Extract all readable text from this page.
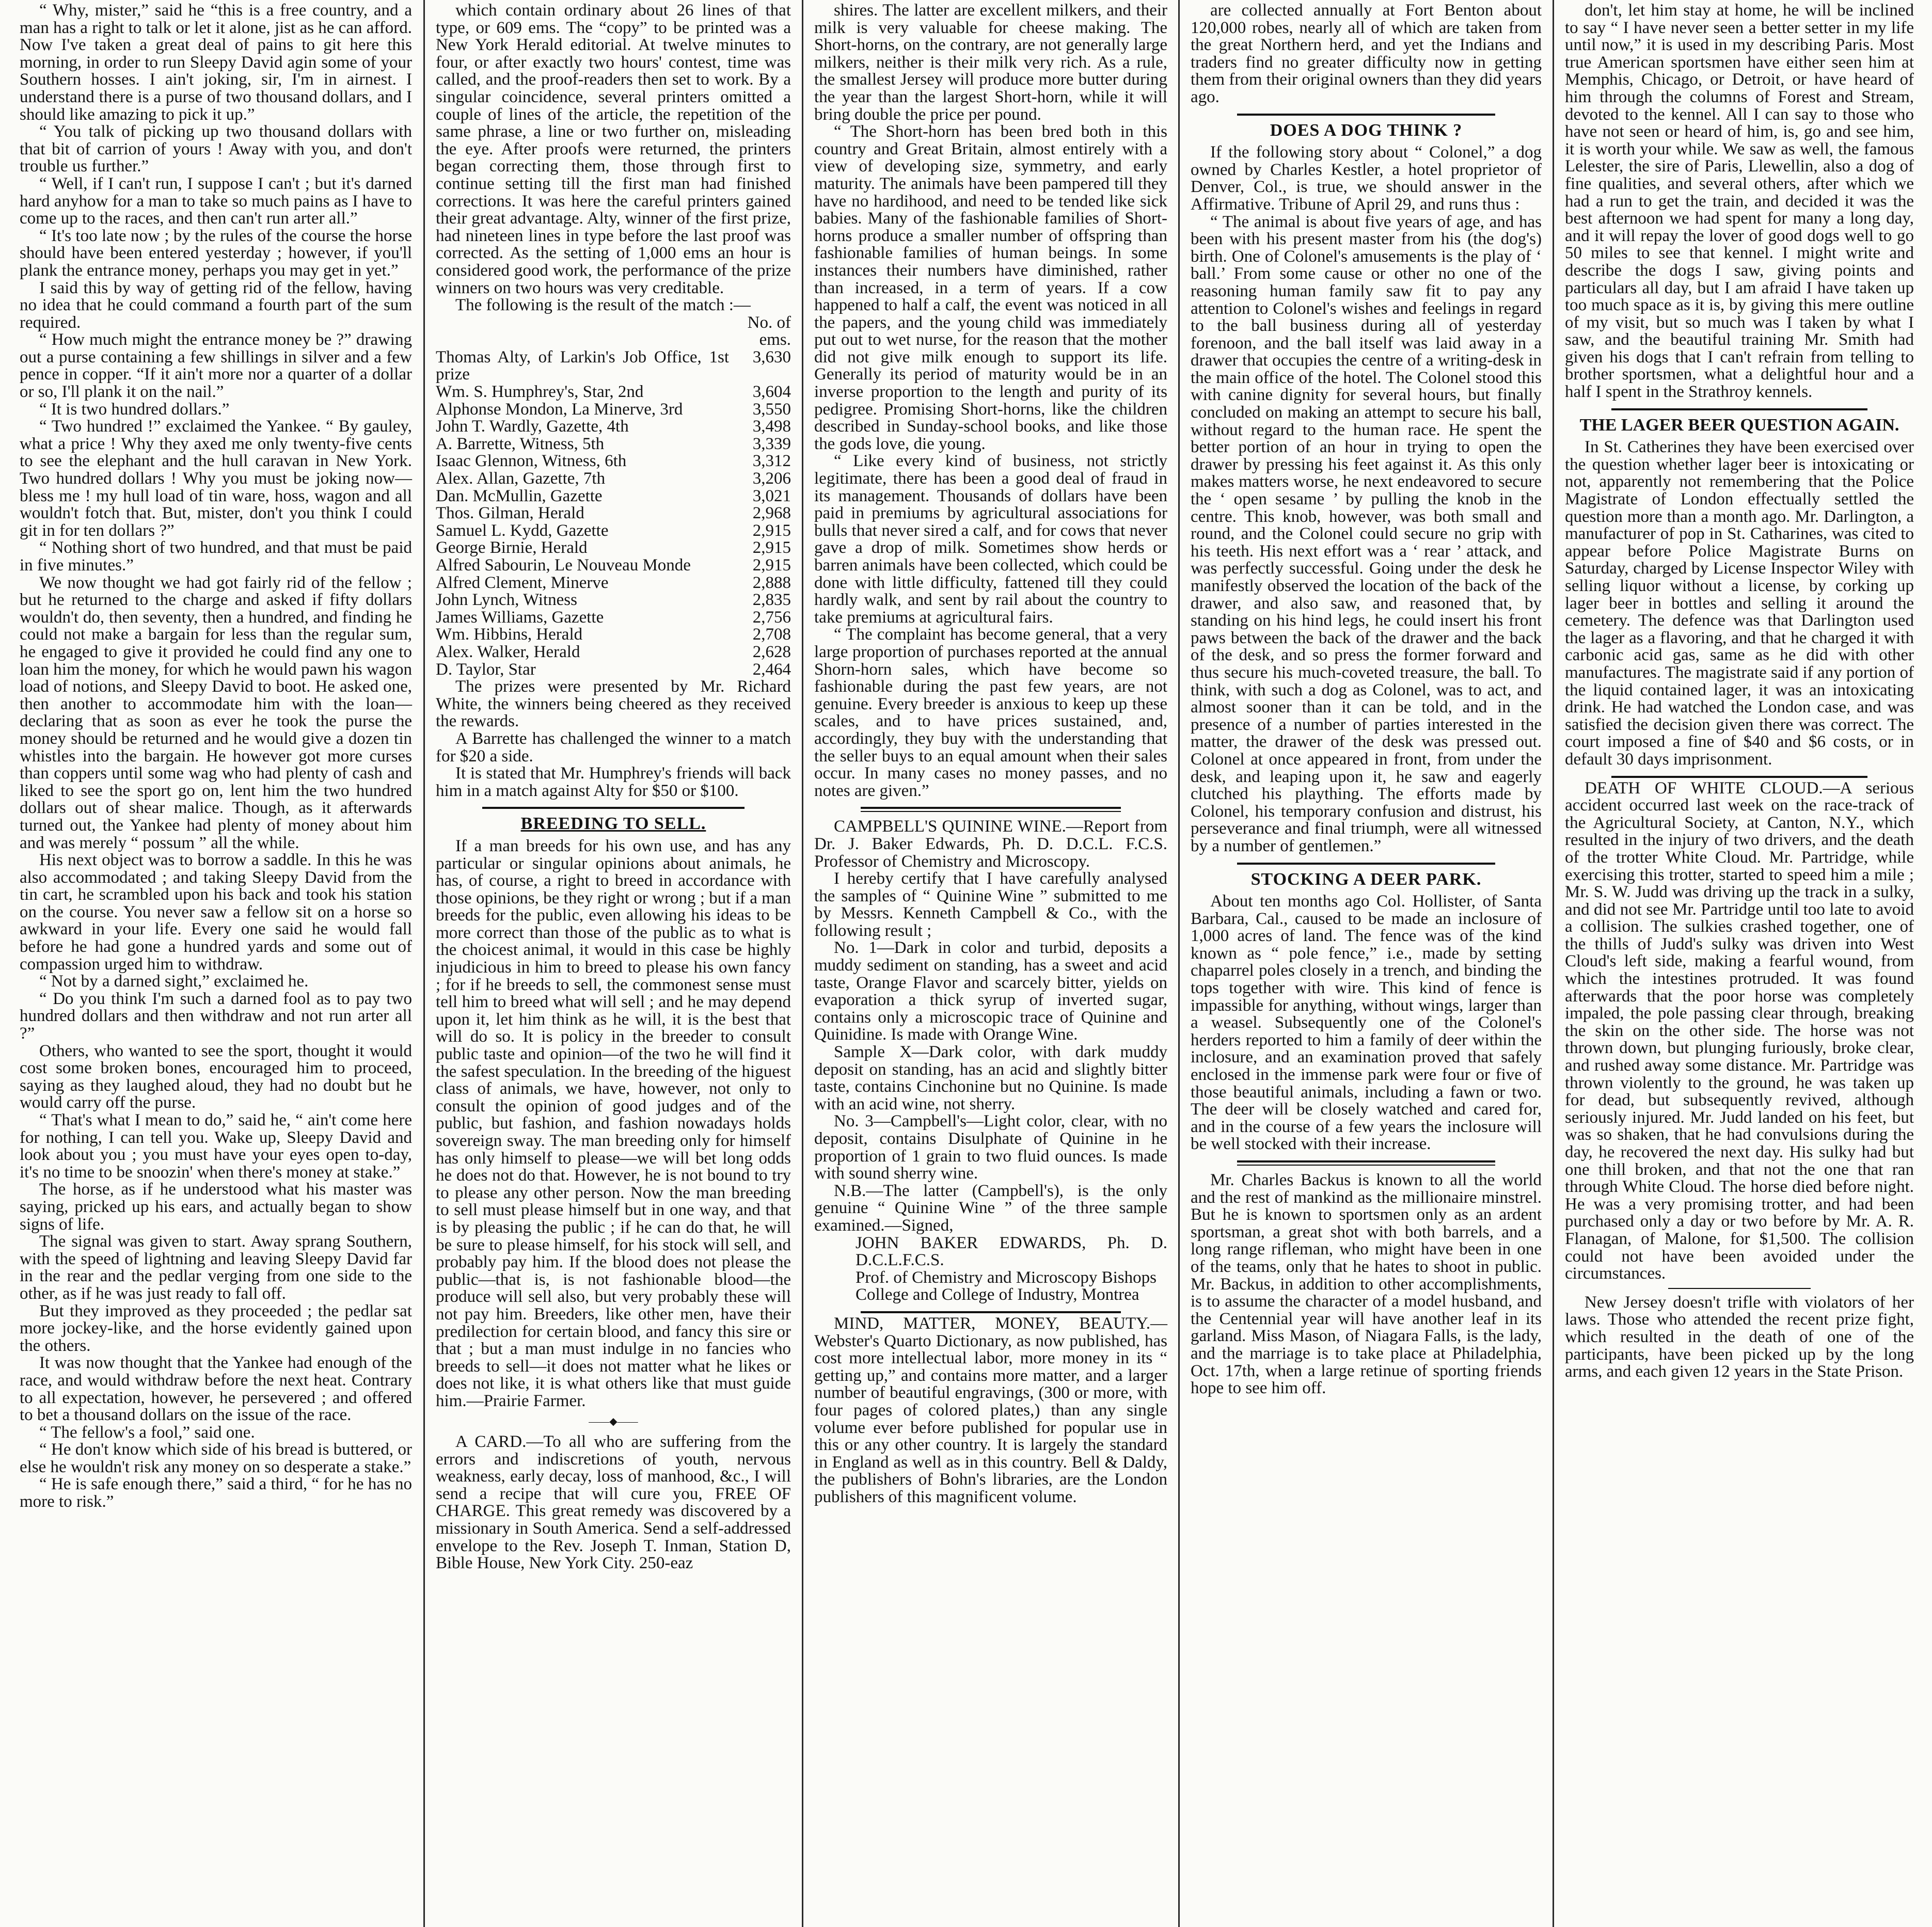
“ Why, mister,” said he “this is a free country, and a man has a right to talk or let it alone, jist as he can afford. Now I've taken a great deal of pains to git here this morning, in order to run Sleepy David agin some of your Southern hosses. I ain't joking, sir, I'm in airnest. I understand there is a purse of two thousand dollars, and I should like amazing to pick it up.”

“ You talk of picking up two thousand dollars with that bit of carrion of yours ! Away with you, and don't trouble us further.”

“ Well, if I can't run, I suppose I can't ; but it's darned hard anyhow for a man to take so much pains as I have to come up to the races, and then can't run arter all.”

“ It's too late now ; by the rules of the course the horse should have been entered yesterday ; however, if you'll plank the entrance money, perhaps you may get in yet.”

I said this by way of getting rid of the fellow, having no idea that he could command a fourth part of the sum required.

“ How much might the entrance money be ?” drawing out a purse containing a few shillings in silver and a few pence in copper. “If it ain't more nor a quarter of a dollar or so, I'll plank it on the nail.”

“ It is two hundred dollars.”

“ Two hundred !” exclaimed the Yankee. “ By gauley, what a price ! Why they axed me only twenty-five cents to see the elephant and the hull caravan in New York. Two hundred dollars ! Why you must be joking now—bless me ! my hull load of tin ware, hoss, wagon and all wouldn't fotch that. But, mister, don't you think I could git in for ten dollars ?”

“ Nothing short of two hundred, and that must be paid in five minutes.”

We now thought we had got fairly rid of the fellow ; but he returned to the charge and asked if fifty dollars wouldn't do, then seventy, then a hundred, and finding he could not make a bargain for less than the regular sum, he engaged to give it provided he could find any one to loan him the money, for which he would pawn his wagon load of notions, and Sleepy David to boot. He asked one, then another to accommodate him with the loan—declaring that as soon as ever he took the purse the money should be returned and he would give a dozen tin whistles into the bargain. He however got more curses than coppers until some wag who had plenty of cash and liked to see the sport go on, lent him the two hundred dollars out of shear malice. Though, as it afterwards turned out, the Yankee had plenty of money about him and was merely “ possum ” all the while.

His next object was to borrow a saddle. In this he was also accommodated ; and taking Sleepy David from the tin cart, he scrambled upon his back and took his station on the course. You never saw a fellow sit on a horse so awkward in your life. Every one said he would fall before he had gone a hundred yards and some out of compassion urged him to withdraw.

“ Not by a darned sight,” exclaimed he.

“ Do you think I'm such a darned fool as to pay two hundred dollars and then withdraw and not run arter all ?”

Others, who wanted to see the sport, thought it would cost some broken bones, encouraged him to proceed, saying as they laughed aloud, they had no doubt but he would carry off the purse.

“ That's what I mean to do,” said he, “ ain't come here for nothing, I can tell you. Wake up, Sleepy David and look about you ; you must have your eyes open to-day, it's no time to be snoozin' when there's money at stake.”

The horse, as if he understood what his master was saying, pricked up his ears, and actually began to show signs of life.

The signal was given to start. Away sprang Southern, with the speed of lightning and leaving Sleepy David far in the rear and the pedlar verging from one side to the other, as if he was just ready to fall off.

But they improved as they proceeded ; the pedlar sat more jockey-like, and the horse evidently gained upon the others.

It was now thought that the Yankee had enough of the race, and would withdraw before the next heat. Contrary to all expectation, however, he persevered ; and offered to bet a thousand dollars on the issue of the race.

“ The fellow's a fool,” said one.

“ He don't know which side of his bread is buttered, or else he wouldn't risk any money on so desperate a stake.”

“ He is safe enough there,” said a third, “ for he has no more to risk.”

which contain ordinary about 26 lines of that type, or 609 ems. The “copy” to be printed was a New York Herald editorial. At twelve minutes to four, or after exactly two hours' contest, time was called, and the proof-readers then set to work. By a singular coincidence, several printers omitted a couple of lines of the article, the repetition of the same phrase, a line or two further on, misleading the eye. After proofs were returned, the printers began correcting them, those through first to continue setting till the first man had finished corrections. It was here the careful printers gained their great advantage. Alty, winner of the first prize, had nineteen lines in type before the last proof was corrected. As the setting of 1,000 ems an hour is considered good work, the performance of the prize winners on two hours was very creditable.

The following is the result of the match :—

	No. of ems.
Thomas Alty, of Larkin's Job Office, 1st prize	3,630
Wm. S. Humphrey's, Star, 2nd	3,604
Alphonse Mondon, La Minerve, 3rd	3,550
John T. Wardly, Gazette, 4th	3,498
A. Barrette, Witness, 5th	3,339
Isaac Glennon, Witness, 6th	3,312
Alex. Allan, Gazette, 7th	3,206
Dan. McMullin, Gazette	3,021
Thos. Gilman, Herald	2,968
Samuel L. Kydd, Gazette	2,915
George Birnie, Herald	2,915
Alfred Sabourin, Le Nouveau Monde	2,915
Alfred Clement, Minerve	2,888
John Lynch, Witness	2,835
James Williams, Gazette	2,756
Wm. Hibbins, Herald	2,708
Alex. Walker, Herald	2,628
D. Taylor, Star	2,464

The prizes were presented by Mr. Richard White, the winners being cheered as they received the rewards.

A Barrette has challenged the winner to a match for $20 a side.

It is stated that Mr. Humphrey's friends will back him in a match against Alty for $50 or $100.

BREEDING TO SELL.

If a man breeds for his own use, and has any particular or singular opinions about animals, he has, of course, a right to breed in accordance with those opinions, be they right or wrong ; but if a man breeds for the public, even allowing his ideas to be more correct than those of the public as to what is the choicest animal, it would in this case be highly injudicious in him to breed to please his own fancy ; for if he breeds to sell, the commonest sense must tell him to breed what will sell ; and he may depend upon it, let him think as he will, it is the best that will do so. It is policy in the breeder to consult public taste and opinion—of the two he will find it the safest speculation. In the breeding of the higuest class of animals, we have, however, not only to consult the opinion of good judges and of the public, but fashion, and fashion nowadays holds sovereign sway. The man breeding only for himself has only himself to please—we will bet long odds he does not do that. However, he is not bound to try to please any other person. Now the man breeding to sell must please himself but in one way, and that is by pleasing the public ; if he can do that, he will be sure to please himself, for his stock will sell, and probably pay him. If the blood does not please the public—that is, is not fashionable blood—the produce will sell also, but very probably these will not pay him. Breeders, like other men, have their predilection for certain blood, and fancy this sire or that ; but a man must indulge in no fancies who breeds to sell—it does not matter what he likes or does not like, it is what others like that must guide him.—Prairie Farmer.

——◆——

A CARD.—To all who are suffering from the errors and indiscretions of youth, nervous weakness, early decay, loss of manhood, &c., I will send a recipe that will cure you, FREE OF CHARGE. This great remedy was discovered by a missionary in South America. Send a self-addressed envelope to the Rev. Joseph T. Inman, Station D, Bible House, New York City. 250-eaz

shires. The latter are excellent milkers, and their milk is very valuable for cheese making. The Short-horns, on the contrary, are not generally large milkers, neither is their milk very rich. As a rule, the smallest Jersey will produce more butter during the year than the largest Short-horn, while it will bring double the price per pound.

“ The Short-horn has been bred both in this country and Great Britain, almost entirely with a view of developing size, symmetry, and early maturity. The animals have been pampered till they have no hardihood, and need to be tended like sick babies. Many of the fashionable families of Short-horns produce a smaller number of offspring than fashionable families of human beings. In some instances their numbers have diminished, rather than increased, in a term of years. If a cow happened to half a calf, the event was noticed in all the papers, and the young child was immediately put out to wet nurse, for the reason that the mother did not give milk enough to support its life. Generally its period of maturity would be in an inverse proportion to the length and purity of its pedigree. Promising Short-horns, like the children described in Sunday-school books, and like those the gods love, die young.

“ Like every kind of business, not strictly legitimate, there has been a good deal of fraud in its management. Thousands of dollars have been paid in premiums by agricultural associations for bulls that never sired a calf, and for cows that never gave a drop of milk. Sometimes show herds or barren animals have been collected, which could be done with little difficulty, fattened till they could hardly walk, and sent by rail about the country to take premiums at agricultural fairs.

“ The complaint has become general, that a very large proportion of purchases reported at the annual Shorn-horn sales, which have become so fashionable during the past few years, are not genuine. Every breeder is anxious to keep up these scales, and to have prices sustained, and, accordingly, they buy with the understanding that the seller buys to an equal amount when their sales occur. In many cases no money passes, and no notes are given.”

CAMPBELL'S QUININE WINE.—Report from Dr. J. Baker Edwards, Ph. D. D.C.L. F.C.S. Professor of Chemistry and Microscopy.

I hereby certify that I have carefully analysed the samples of “ Quinine Wine ” submitted to me by Messrs. Kenneth Campbell & Co., with the following result ;

No. 1—Dark in color and turbid, deposits a muddy sediment on standing, has a sweet and acid taste, Orange Flavor and scarcely bitter, yields on evaporation a thick syrup of inverted sugar, contains only a microscopic trace of Quinine and Quinidine. Is made with Orange Wine.

Sample X—Dark color, with dark muddy deposit on standing, has an acid and slightly bitter taste, contains Cinchonine but no Quinine. Is made with an acid wine, not sherry.

No. 3—Campbell's—Light color, clear, with no deposit, contains Disulphate of Quinine in he proportion of 1 grain to two fluid ounces. Is made with sound sherry wine.

N.B.—The latter (Campbell's), is the only genuine “ Quinine Wine ” of the three sample examined.—Signed,

JOHN BAKER EDWARDS, Ph. D. D.C.L.F.C.S.

Prof. of Chemistry and Microscopy Bishops

College and College of Industry, Montrea

MIND, MATTER, MONEY, BEAUTY.—Webster's Quarto Dictionary, as now published, has cost more intellectual labor, more money in its “ getting up,” and contains more matter, and a larger number of beautiful engravings, (300 or more, with four pages of colored plates,) than any single volume ever before published for popular use in this or any other country. It is largely the standard in England as well as in this country. Bell & Daldy, the publishers of Bohn's libraries, are the London publishers of this magnificent volume.

are collected annually at Fort Benton about 120,000 robes, nearly all of which are taken from the great Northern herd, and yet the Indians and traders find no greater difficulty now in getting them from their original owners than they did years ago.

DOES A DOG THINK ?

If the following story about “ Colonel,” a dog owned by Charles Kestler, a hotel proprietor of Denver, Col., is true, we should answer in the Affirmative. Tribune of April 29, and runs thus :

“ The animal is about five years of age, and has been with his present master from his (the dog's) birth. One of Colonel's amusements is the play of ‘ ball.’ From some cause or other no one of the reasoning human family saw fit to pay any attention to Colonel's wishes and feelings in regard to the ball business during all of yesterday forenoon, and the ball itself was laid away in a drawer that occupies the centre of a writing-desk in the main office of the hotel. The Colonel stood this with canine dignity for several hours, but finally concluded on making an attempt to secure his ball, without regard to the human race. He spent the better portion of an hour in trying to open the drawer by pressing his feet against it. As this only makes matters worse, he next endeavored to secure the ‘ open sesame ’ by pulling the knob in the centre. This knob, however, was both small and round, and the Colonel could secure no grip with his teeth. His next effort was a ‘ rear ’ attack, and was perfectly successful. Going under the desk he manifestly observed the location of the back of the drawer, and also saw, and reasoned that, by standing on his hind legs, he could insert his front paws between the back of the drawer and the back of the desk, and so press the former forward and thus secure his much-coveted treasure, the ball. To think, with such a dog as Colonel, was to act, and almost sooner than it can be told, and in the presence of a number of parties interested in the matter, the drawer of the desk was pressed out. Colonel at once appeared in front, from under the desk, and leaping upon it, he saw and eagerly clutched his plaything. The efforts made by Colonel, his temporary confusion and distrust, his perseverance and final triumph, were all witnessed by a number of gentlemen.”

STOCKING A DEER PARK.

About ten months ago Col. Hollister, of Santa Barbara, Cal., caused to be made an inclosure of 1,000 acres of land. The fence was of the kind known as “ pole fence,” i.e., made by setting chaparrel poles closely in a trench, and binding the tops together with wire. This kind of fence is impassible for anything, without wings, larger than a weasel. Subsequently one of the Colonel's herders reported to him a family of deer within the inclosure, and an examination proved that safely enclosed in the immense park were four or five of those beautiful animals, including a fawn or two. The deer will be closely watched and cared for, and in the course of a few years the inclosure will be well stocked with their increase.

Mr. Charles Backus is known to all the world and the rest of mankind as the millionaire minstrel. But he is known to sportsmen only as an ardent sportsman, a great shot with both barrels, and a long range rifleman, who might have been in one of the teams, only that he hates to shoot in public. Mr. Backus, in addition to other accomplishments, is to assume the character of a model husband, and the Centennial year will have another leaf in its garland. Miss Mason, of Niagara Falls, is the lady, and the marriage is to take place at Philadelphia, Oct. 17th, when a large retinue of sporting friends hope to see him off.

don't, let him stay at home, he will be inclined to say “ I have never seen a better setter in my life until now,” it is used in my describing Paris. Most true American sportsmen have either seen him at Memphis, Chicago, or Detroit, or have heard of him through the columns of Forest and Stream, devoted to the kennel. All I can say to those who have not seen or heard of him, is, go and see him, it is worth your while. We saw as well, the famous Lelester, the sire of Paris, Llewellin, also a dog of fine qualities, and several others, after which we had a run to get the train, and decided it was the best afternoon we had spent for many a long day, and it will repay the lover of good dogs well to go 50 miles to see that kennel. I might write and describe the dogs I saw, giving points and particulars all day, but I am afraid I have taken up too much space as it is, by giving this mere outline of my visit, but so much was I taken by what I saw, and the beautiful training Mr. Smith had given his dogs that I can't refrain from telling to brother sportsmen, what a delightful hour and a half I spent in the Strathroy kennels.

THE LAGER BEER QUESTION AGAIN.

In St. Catherines they have been exercised over the question whether lager beer is intoxicating or not, apparently not remembering that the Police Magistrate of London effectually settled the question more than a month ago. Mr. Darlington, a manufacturer of pop in St. Catharines, was cited to appear before Police Magistrate Burns on Saturday, charged by License Inspector Wiley with selling liquor without a license, by corking up lager beer in bottles and selling it around the cemetery. The defence was that Darlington used the lager as a flavoring, and that he charged it with carbonic acid gas, same as he did with other manufactures. The magistrate said if any portion of the liquid contained lager, it was an intoxicating drink. He had watched the London case, and was satisfied the decision given there was correct. The court imposed a fine of $40 and $6 costs, or in default 30 days imprisonment.

DEATH OF WHITE CLOUD.—A serious accident occurred last week on the race-track of the Agricultural Society, at Canton, N.Y., which resulted in the injury of two drivers, and the death of the trotter White Cloud. Mr. Partridge, while exercising this trotter, started to speed him a mile ; Mr. S. W. Judd was driving up the track in a sulky, and did not see Mr. Partridge until too late to avoid a collision. The sulkies crashed together, one of the thills of Judd's sulky was driven into West Cloud's left side, making a fearful wound, from which the intestines protruded. It was found afterwards that the poor horse was completely impaled, the pole passing clear through, breaking the skin on the other side. The horse was not thrown down, but plunging furiously, broke clear, and rushed away some distance. Mr. Partridge was thrown violently to the ground, he was taken up for dead, but subsequently revived, although seriously injured. Mr. Judd landed on his feet, but was so shaken, that he had convulsions during the day, he recovered the next day. His sulky had but one thill broken, and that not the one that ran through White Cloud. The horse died before night. He was a very promising trotter, and had been purchased only a day or two before by Mr. A. R. Flanagan, of Malone, for $1,500. The collision could not have been avoided under the circumstances.

New Jersey doesn't trifle with violators of her laws. Those who attended the recent prize fight, which resulted in the death of one of the participants, have been picked up by the long arms, and each given 12 years in the State Prison.
